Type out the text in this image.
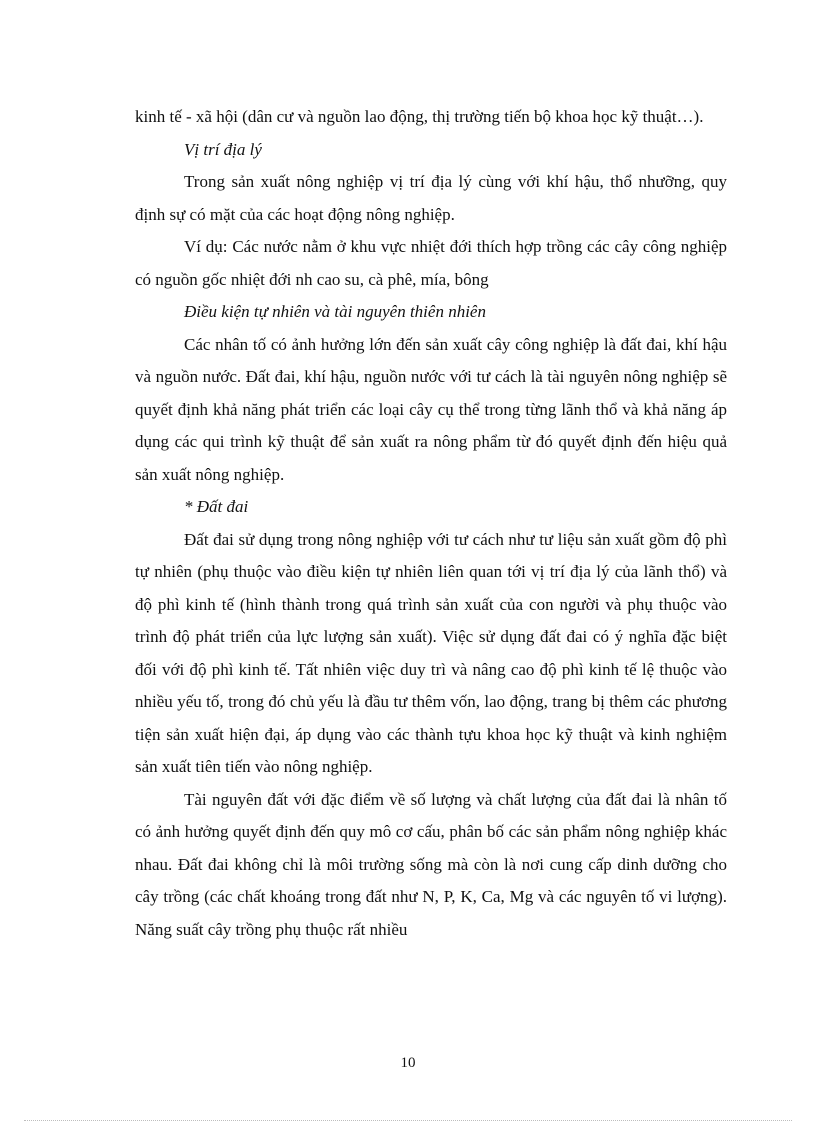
kinh tế - xã hội (dân cư và nguồn lao động, thị trường tiến bộ khoa học kỹ thuật…).

Vị trí địa lý

Trong sản xuất nông nghiệp vị trí địa lý cùng với khí hậu, thổ nhưỡng, quy định sự có mặt của các hoạt động nông nghiệp.

Ví dụ: Các nước nằm ở khu vực nhiệt đới thích hợp trồng các cây công nghiệp có nguồn gốc nhiệt đới nh cao su, cà phê, mía, bông

Điều kiện tự nhiên và tài nguyên thiên nhiên

Các nhân tố có ảnh hưởng lớn đến sản xuất cây công nghiệp là đất đai, khí hậu và nguồn nước. Đất đai, khí hậu, nguồn nước với tư cách là tài nguyên nông nghiệp sẽ quyết định khả năng phát triển các loại cây cụ thể trong từng lãnh thổ và khả năng áp dụng các qui trình kỹ thuật để sản xuất ra nông phẩm từ đó quyết định đến hiệu quả sản xuất nông nghiệp.

* Đất đai

Đất đai sử dụng trong nông nghiệp với tư cách như tư liệu sản xuất gồm độ phì tự nhiên (phụ thuộc vào điều kiện tự nhiên liên quan tới vị trí địa lý của lãnh thổ) và độ phì kinh tế (hình thành trong quá trình sản xuất của con người và phụ thuộc vào trình độ phát triển của lực lượng sản xuất). Việc sử dụng đất đai có ý nghĩa đặc biệt đối với độ phì kinh tế. Tất nhiên việc duy trì và nâng cao độ phì kinh tế lệ thuộc vào nhiều yếu tố, trong đó chủ yếu là đầu tư thêm vốn, lao động, trang bị thêm các phương tiện sản xuất hiện đại, áp dụng vào các thành tựu khoa học kỹ thuật và kinh nghiệm sản xuất tiên tiến vào nông nghiệp.

Tài nguyên đất với đặc điểm về số lượng và chất lượng của đất đai là nhân tố có ảnh hưởng quyết định đến quy mô cơ cấu, phân bố các sản phẩm nông nghiệp khác nhau. Đất đai không chỉ là môi trường sống mà còn là nơi cung cấp dinh dưỡng cho cây trồng (các chất khoáng trong đất như N, P, K, Ca, Mg và các nguyên tố vi lượng). Năng suất cây trồng phụ thuộc rất nhiều

10
